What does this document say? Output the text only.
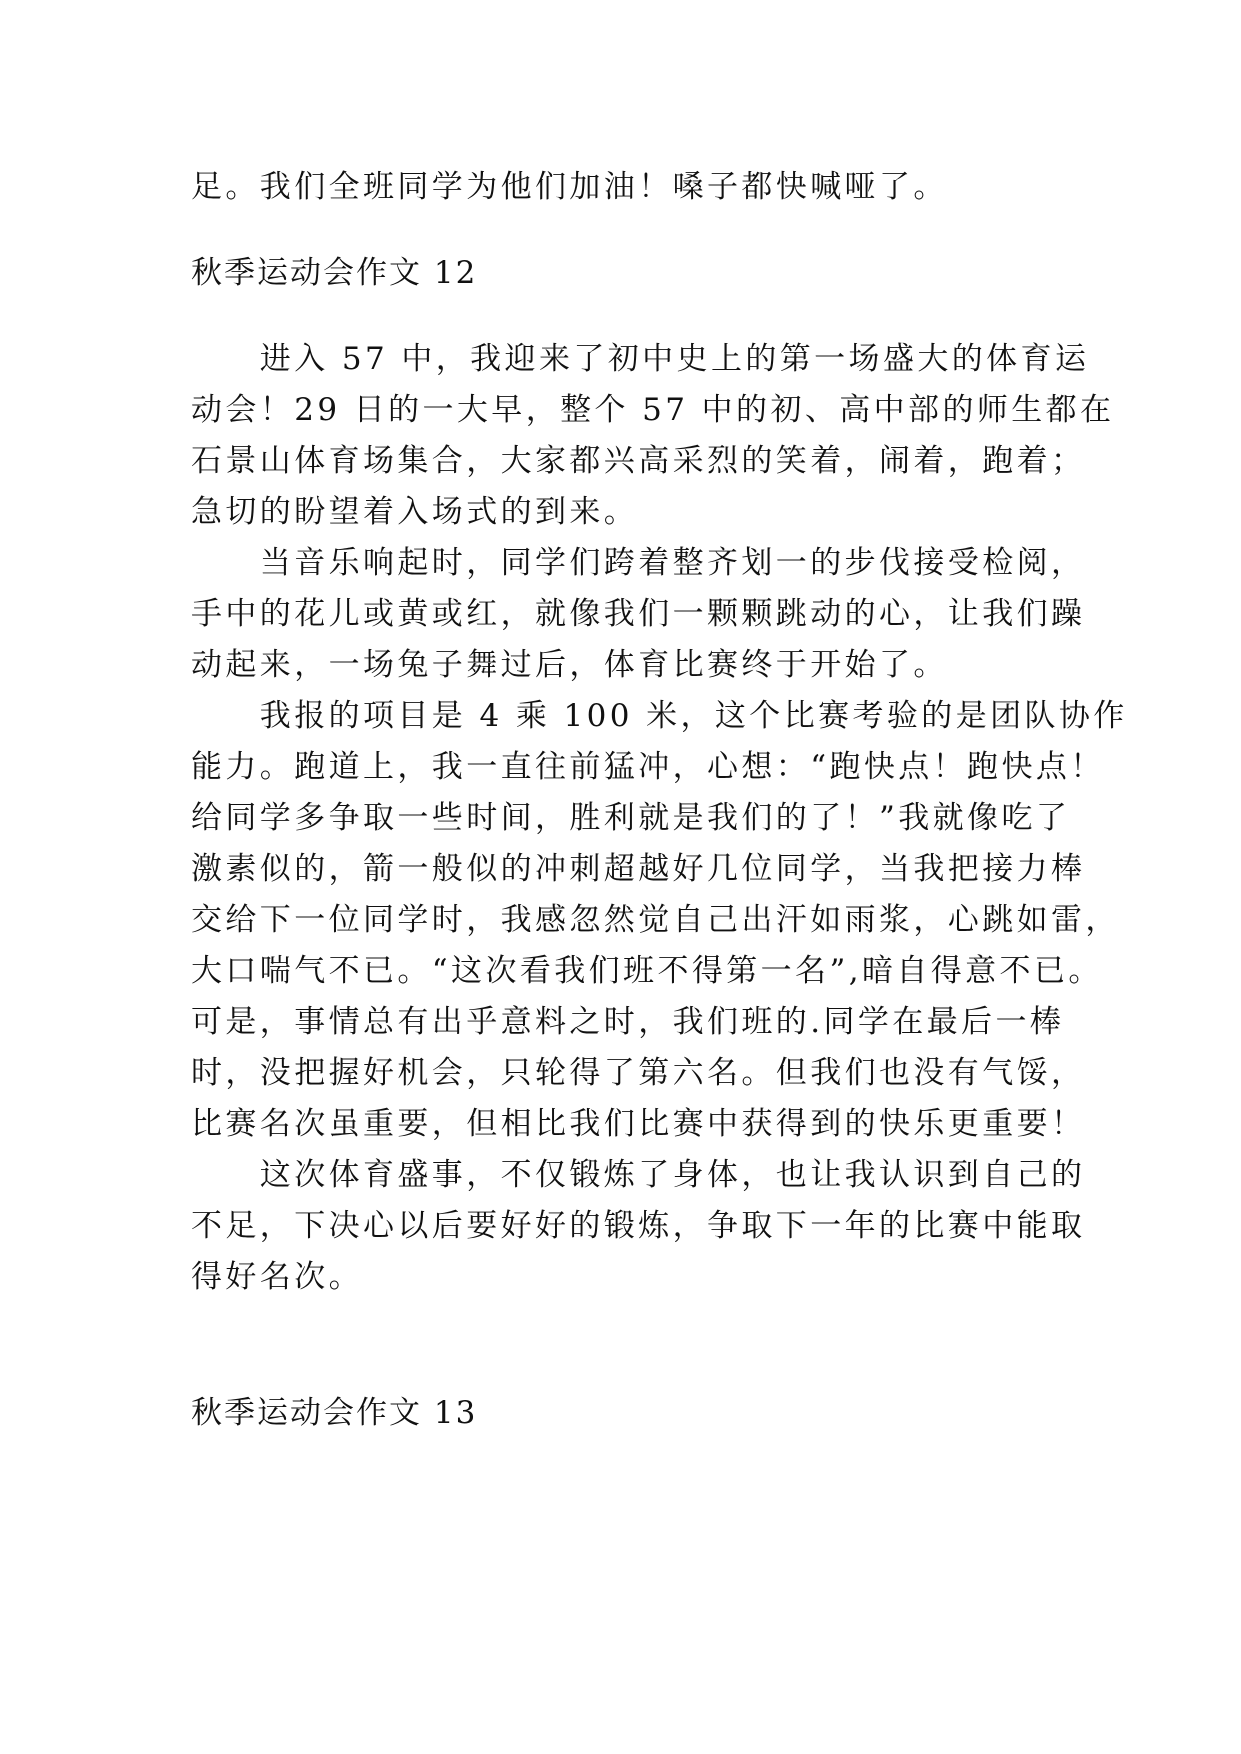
足。我们全班同学为他们加油！嗓子都快喊哑了。

秋季运动会作文 12

　　进入 57 中，我迎来了初中史上的第一场盛大的体育运

动会！29 日的一大早，整个 57 中的初、高中部的师生都在

石景山体育场集合，大家都兴高采烈的笑着，闹着，跑着；

急切的盼望着入场式的到来。

　　当音乐响起时，同学们跨着整齐划一的步伐接受检阅，

手中的花儿或黄或红，就像我们一颗颗跳动的心，让我们躁

动起来，一场兔子舞过后，体育比赛终于开始了。

　　我报的项目是 4 乘 100 米，这个比赛考验的是团队协作

能力。跑道上，我一直往前猛冲，心想：“跑快点！跑快点！

给同学多争取一些时间，胜利就是我们的了！”我就像吃了

激素似的，箭一般似的冲刺超越好几位同学，当我把接力棒

交给下一位同学时，我感忽然觉自己出汗如雨浆，心跳如雷，

大口喘气不已。“这次看我们班不得第一名”,暗自得意不已。

可是，事情总有出乎意料之时，我们班的.同学在最后一棒

时，没把握好机会，只轮得了第六名。但我们也没有气馁，

比赛名次虽重要，但相比我们比赛中获得到的快乐更重要！

　　这次体育盛事，不仅锻炼了身体，也让我认识到自己的

不足，下决心以后要好好的锻炼，争取下一年的比赛中能取

得好名次。

秋季运动会作文 13
